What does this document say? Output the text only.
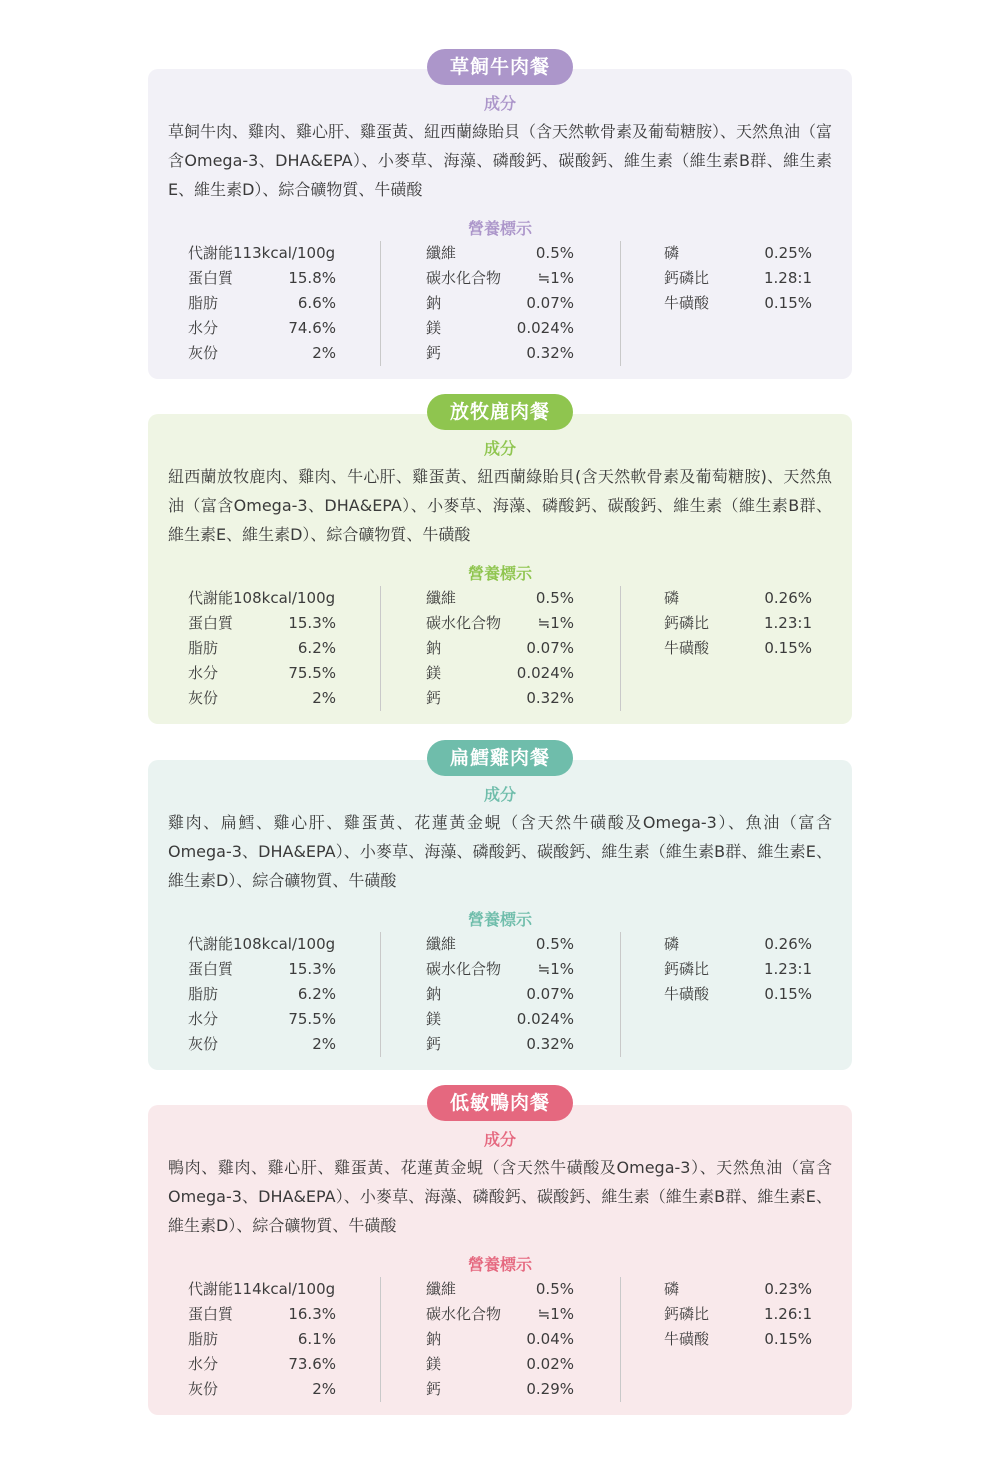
草飼牛肉餐
成分
草飼牛肉、雞肉、雞心肝、雞蛋黃、紐西蘭綠貽貝（含天然軟骨素及葡萄糖胺）、天然魚油（富含Omega-3、DHA&EPA）、小麥草、海藻、磷酸鈣、碳酸鈣、維生素（維生素B群、維生素E、維生素D）、綜合礦物質、牛磺酸
營養標示
代謝能113kcal/100g
蛋白質	15.8%
脂肪	6.6%
水分	74.6%
灰份	2%
纖維	0.5%
碳水化合物 ≒1%
鈉	0.07%
鎂	0.024%
鈣	0.32%
磷	0.25%
鈣磷比	1.28:1
牛磺酸	0.15%
放牧鹿肉餐
成分
紐西蘭放牧鹿肉、雞肉、牛心肝、雞蛋黃、紐西蘭綠貽貝(含天然軟骨素及葡萄糖胺)、天然魚油（富含Omega-3、DHA&EPA）、小麥草、海藻、磷酸鈣、碳酸鈣、維生素（維生素B群、維生素E、維生素D）、綜合礦物質、牛磺酸
營養標示
代謝能108kcal/100g
蛋白質	15.3%
脂肪	6.2%
水分	75.5%
灰份	2%
纖維	0.5%
碳水化合物 ≒1%
鈉	0.07%
鎂	0.024%
鈣	0.32%
磷	0.26%
鈣磷比	1.23:1
牛磺酸	0.15%
扁鱈雞肉餐
成分
雞肉、扁鱈、雞心肝、雞蛋黃、花蓮黃金蜆（含天然牛磺酸及Omega-3）、魚油（富含Omega-3、DHA&EPA）、小麥草、海藻、磷酸鈣、碳酸鈣、維生素（維生素B群、維生素E、維生素D）、綜合礦物質、牛磺酸
營養標示
代謝能108kcal/100g
蛋白質	15.3%
脂肪	6.2%
水分	75.5%
灰份	2%
纖維	0.5%
碳水化合物 ≒1%
鈉	0.07%
鎂	0.024%
鈣	0.32%
磷	0.26%
鈣磷比	1.23:1
牛磺酸	0.15%
低敏鴨肉餐
成分
鴨肉、雞肉、雞心肝、雞蛋黃、花蓮黃金蜆（含天然牛磺酸及Omega-3）、天然魚油（富含Omega-3、DHA&EPA）、小麥草、海藻、磷酸鈣、碳酸鈣、維生素（維生素B群、維生素E、維生素D）、綜合礦物質、牛磺酸
營養標示
代謝能114kcal/100g
蛋白質	16.3%
脂肪	6.1%
水分	73.6%
灰份	2%
纖維	0.5%
碳水化合物 ≒1%
鈉	0.04%
鎂	0.02%
鈣	0.29%
磷	0.23%
鈣磷比	1.26:1
牛磺酸	0.15%
